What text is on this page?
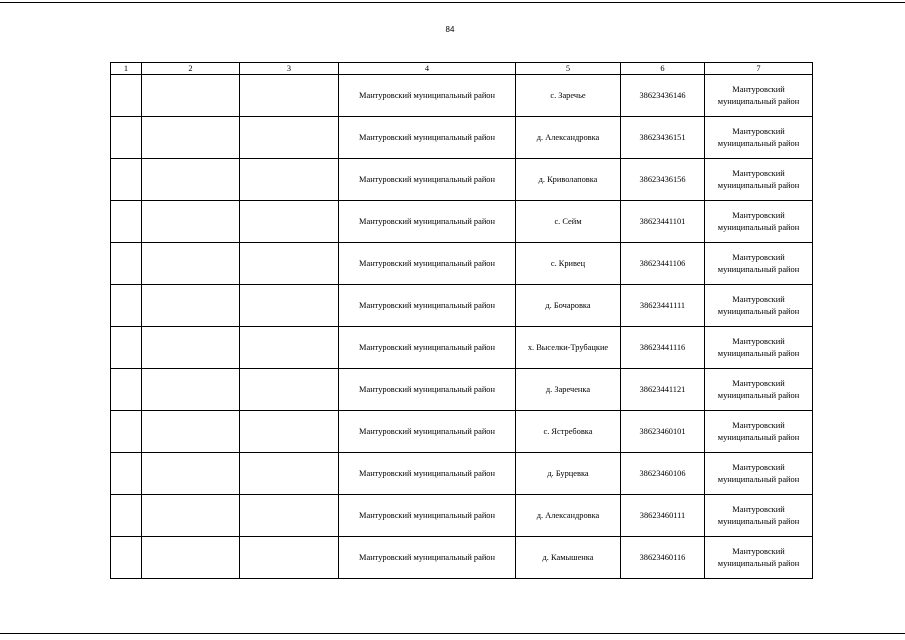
84
1	2	3	4	5	6	7
			Мантуровский муниципальный район	с. Заречье	38623436146	Мантуровский
муниципальный район

			Мантуровский муниципальный район	д. Александровка	38623436151	Мантуровский
муниципальный район

			Мантуровский муниципальный район	д. Криволаповка	38623436156	Мантуровский
муниципальный район

			Мантуровский муниципальный район	с. Сейм	38623441101	Мантуровский
муниципальный район

			Мантуровский муниципальный район	с. Кривец	38623441106	Мантуровский
муниципальный район

			Мантуровский муниципальный район	д. Бочаровка	38623441111	Мантуровский
муниципальный район

			Мантуровский муниципальный район	х. Выселки-Трубацкие	38623441116	Мантуровский
муниципальный район

			Мантуровский муниципальный район	д. Зареченка	38623441121	Мантуровский
муниципальный район

			Мантуровский муниципальный район	с. Ястребовка	38623460101	Мантуровский
муниципальный район

			Мантуровский муниципальный район	д. Бурцевка	38623460106	Мантуровский
муниципальный район

			Мантуровский муниципальный район	д. Александровка	38623460111	Мантуровский
муниципальный район

			Мантуровский муниципальный район	д. Камышенка	38623460116	Мантуровский
муниципальный район
